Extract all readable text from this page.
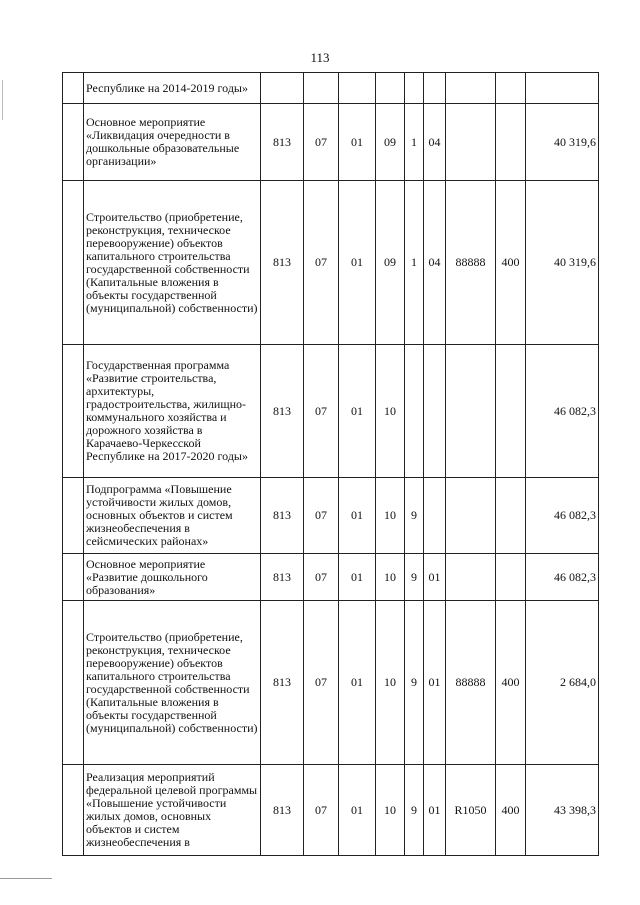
113
	Республике на 2014-2019 годы»									
	Основное мероприятие «Ликвидация очередности в дошкольные образовательные организации»	813	07	01	09	1	04			40 319,6
	Строительство (приобретение, реконструкция, техническое перевооружение) объектов капитального строительства государственной собственности (Капитальные вложения в объекты государственной (муниципальной) собственности)	813	07	01	09	1	04	88888	400	40 319,6
	Государственная программа «Развитие строительства, архитектуры, градостроительства, жилищно-коммунального хозяйства и дорожного хозяйства в Карачаево-Черкесской Республике на 2017-2020 годы»	813	07	01	10					46 082,3
	Подпрограмма «Повышение устойчивости жилых домов, основных объектов и систем жизнеобеспечения в сейсмических районах»	813	07	01	10	9				46 082,3
	Основное мероприятие «Развитие дошкольного образования»	813	07	01	10	9	01			46 082,3
	Строительство (приобретение, реконструкция, техническое перевооружение) объектов капитального строительства государственной собственности (Капитальные вложения в объекты государственной (муниципальной) собственности)	813	07	01	10	9	01	88888	400	2 684,0
	Реализация мероприятий федеральной целевой программы «Повышение устойчивости жилых домов, основных объектов и систем жизнеобеспечения в	813	07	01	10	9	01	R1050	400	43 398,3
